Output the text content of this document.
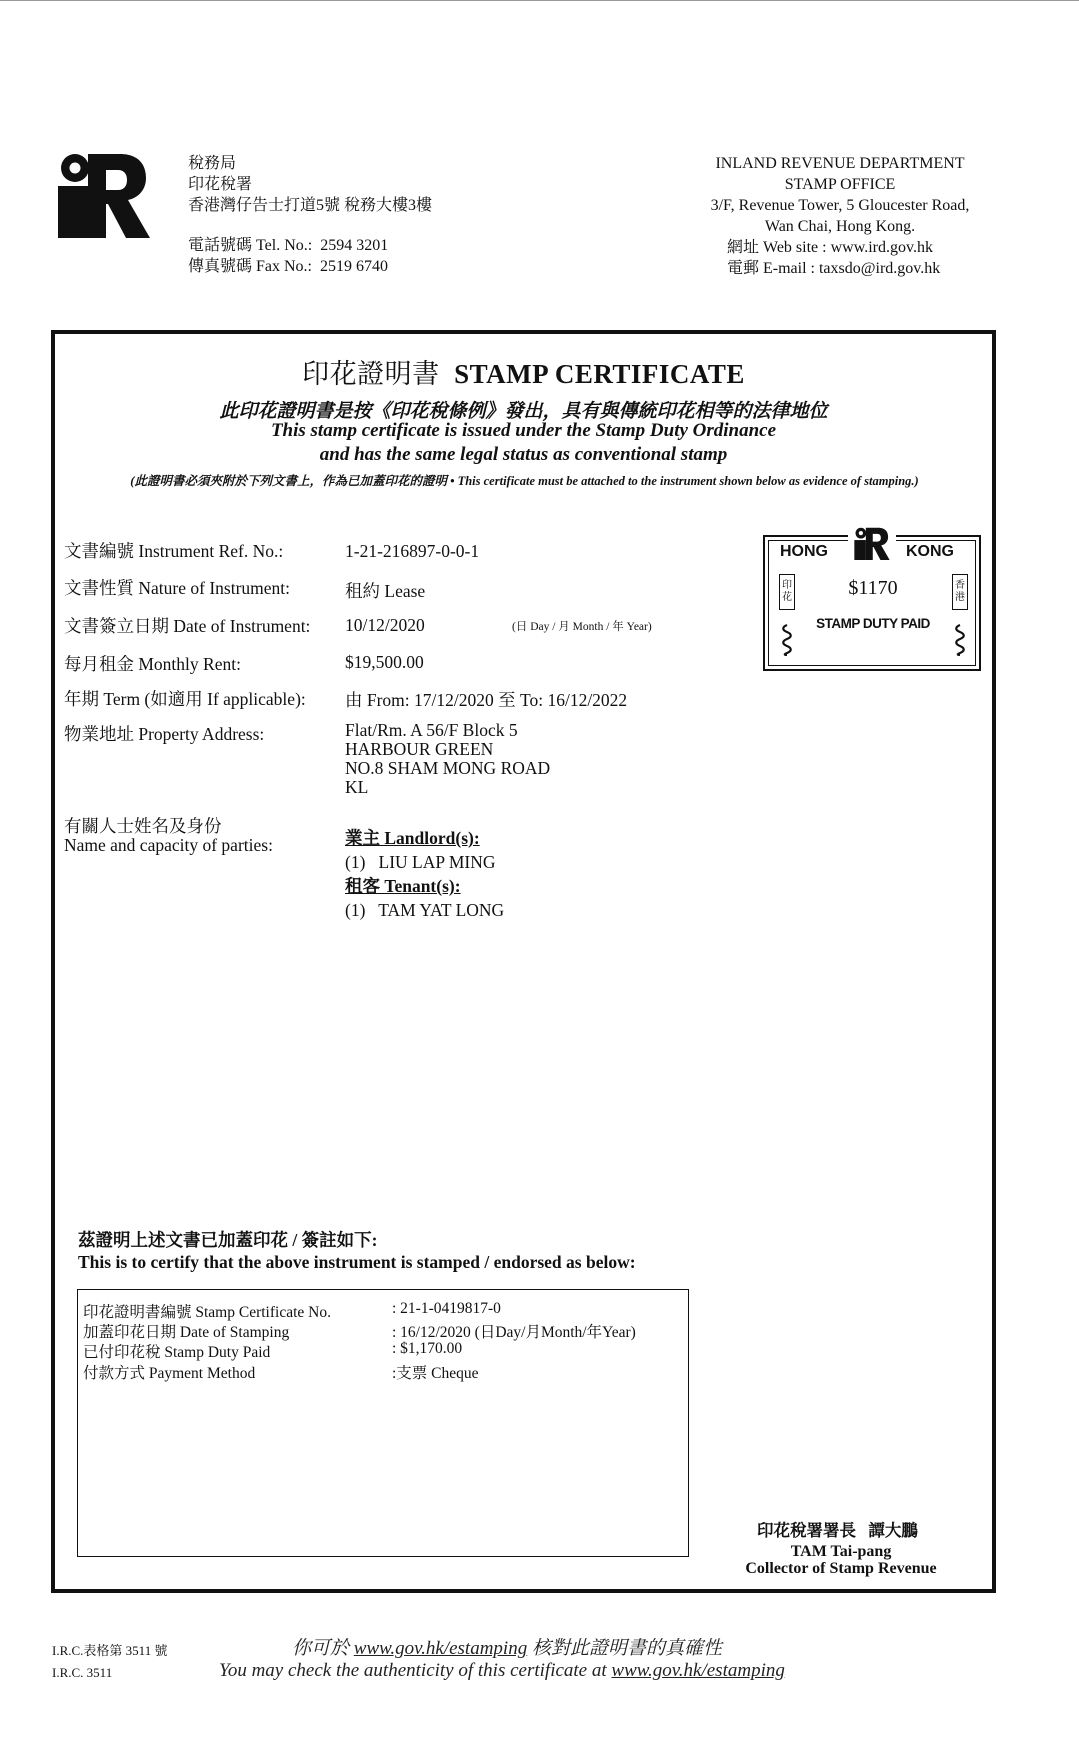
稅務局
印花稅署
香港灣仔告士打道5號 稅務大樓3樓
電話號碼 Tel. No.: 2594 3201
傳真號碼 Fax No.: 2519 6740
INLAND REVENUE DEPARTMENT
STAMP OFFICE
3/F, Revenue Tower, 5 Gloucester Road,
Wan Chai, Hong Kong.
網址 Web site : www.ird.gov.hk
電郵 E-mail : taxsdo@ird.gov.hk
印花證明書 STAMP CERTIFICATE
此印花證明書是按《印花稅條例》發出，具有與傳統印花相等的法律地位
This stamp certificate is issued under the Stamp Duty Ordinance
and has the same legal status as conventional stamp
(此證明書必須夾附於下列文書上，作為已加蓋印花的證明 • This certificate must be attached to the instrument shown below as evidence of stamping.)
文書編號 Instrument Ref. No.:	1-21-216897-0-0-1
文書性質 Nature of Instrument:	租約 Lease
文書簽立日期 Date of Instrument: 10/12/2020	(日 Day / 月 Month / 年 Year)
每月租金 Monthly Rent:	$19,500.00
年期 Term (如適用 If applicable): 由 From: 17/12/2020 至 To: 16/12/2022
物業地址 Property Address:	Flat/Rm. A 56/F Block 5
HARBOUR GREEN
NO.8 SHAM MONG ROAD
KL
有關人士姓名及身份
Name and capacity of parties:	業主 Landlord(s):
(1)   LIU LAP MING
租客 Tenant(s):
(1)   TAM YAT LONG
HONG	KONG
$1170
STAMP DUTY PAID
印花
香港
茲證明上述文書已加蓋印花 / 簽註如下:
This is to certify that the above instrument is stamped / endorsed as below:
印花證明書編號 Stamp Certificate No.	: 21-1-0419817-0
加蓋印花日期 Date of Stamping	: 16/12/2020 (日Day/月Month/年Year)
已付印花稅 Stamp Duty Paid	: $1,170.00
付款方式 Payment Method	:支票 Cheque
印花稅署署長   譚大鵬
TAM Tai-pang
Collector of Stamp Revenue
I.R.C.表格第 3511 號
I.R.C. 3511
你可於 www.gov.hk/estamping 核對此證明書的真確性
You may check the authenticity of this certificate at www.gov.hk/estamping
